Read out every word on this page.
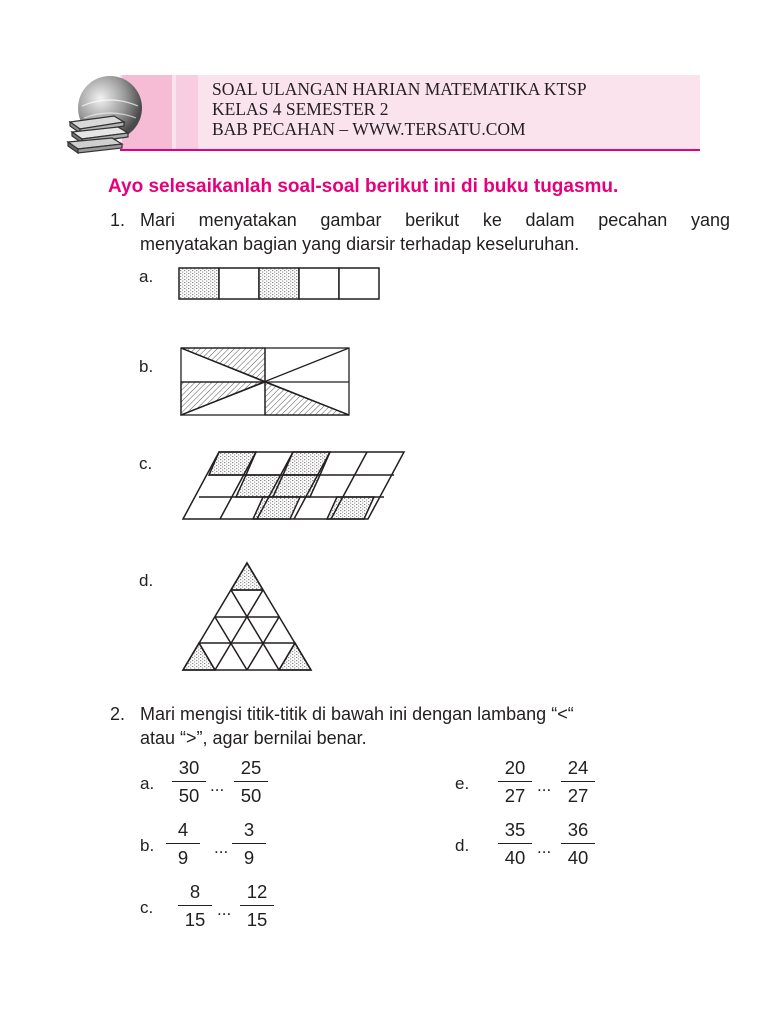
SOAL ULANGAN HARIAN MATEMATIKA KTSP
KELAS 4 SEMESTER 2
BAB PECAHAN – WWW.TERSATU.COM
Ayo selesaikanlah soal-soal berikut ini di buku tugasmu.
1. Mari menyatakan gambar berikut ke dalam pecahan yang
menyatakan bagian yang diarsir terhadap keseluruhan.
a.
b.
c.
d.
2. Mari mengisi titik-titik di bawah ini dengan lambang “<“
atau “>”, agar bernilai benar.
a.
30
50 ...
25
50
e.
20
27 ...
24
27
b.
4
9	...
3
9
d.
35
40 ...
36
40
c.
8
15 ...
12
15
